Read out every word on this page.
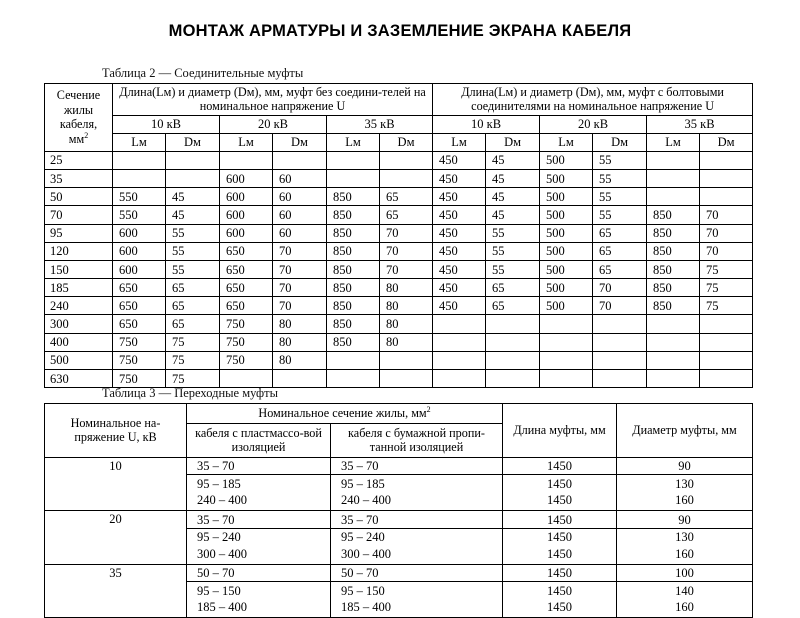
МОНТАЖ АРМАТУРЫ И ЗАЗЕМЛЕНИЕ ЭКРАНА КАБЕЛЯ
Таблица 2 — Соединительные муфты
Сечение
жилы
кабеля,
$мм^2$	Длина(Lм) и диаметр (Dм), мм, муфт без соедини-телей на номинальное напряжение U						Длина(Lм) и диаметр (Dм), мм, муфт с болтовыми соединителями на номинальное напряжение U					
	10 кВ		20 кВ		35 кВ		10 кВ		20 кВ		35 кВ	
	Lм	Dм	Lм	Dм	Lм	Dм	Lм	Dм	Lм	Dм	Lм	Dм
25							450	45	500	55		
35			600	60			450	45	500	55		
50	550	45	600	60	850	65	450	45	500	55		
70	550	45	600	60	850	65	450	45	500	55	850	70
95	600	55	600	60	850	70	450	55	500	65	850	70
120	600	55	650	70	850	70	450	55	500	65	850	70
150	600	55	650	70	850	70	450	55	500	65	850	75
185	650	65	650	70	850	80	450	65	500	70	850	75
240	650	65	650	70	850	80	450	65	500	70	850	75
300	650	65	750	80	850	80						
400	750	75	750	80	850	80						
500	750	75	750	80								
630	750	75										
Таблица 3 — Переходные муфты
Номинальное на-пряжение U, кВ	Номинальное сечение жилы, $мм^2$		Длина муфты, мм	Диаметр муфты, мм
	кабеля с пластмассо-вой изоляцией	кабеля с бумажной пропи-танной изоляцией		
10	35 – 70	35 – 70	1450	90
	95 – 185	95 – 185	1450	130
	240 – 400	240 – 400	1450	160
20	35 – 70	35 – 70	1450	90
	95 – 240	95 – 240	1450	130
	300 – 400	300 – 400	1450	160
35	50 – 70	50 – 70	1450	100
	95 – 150	95 – 150	1450	140
	185 – 400	185 – 400	1450	160
